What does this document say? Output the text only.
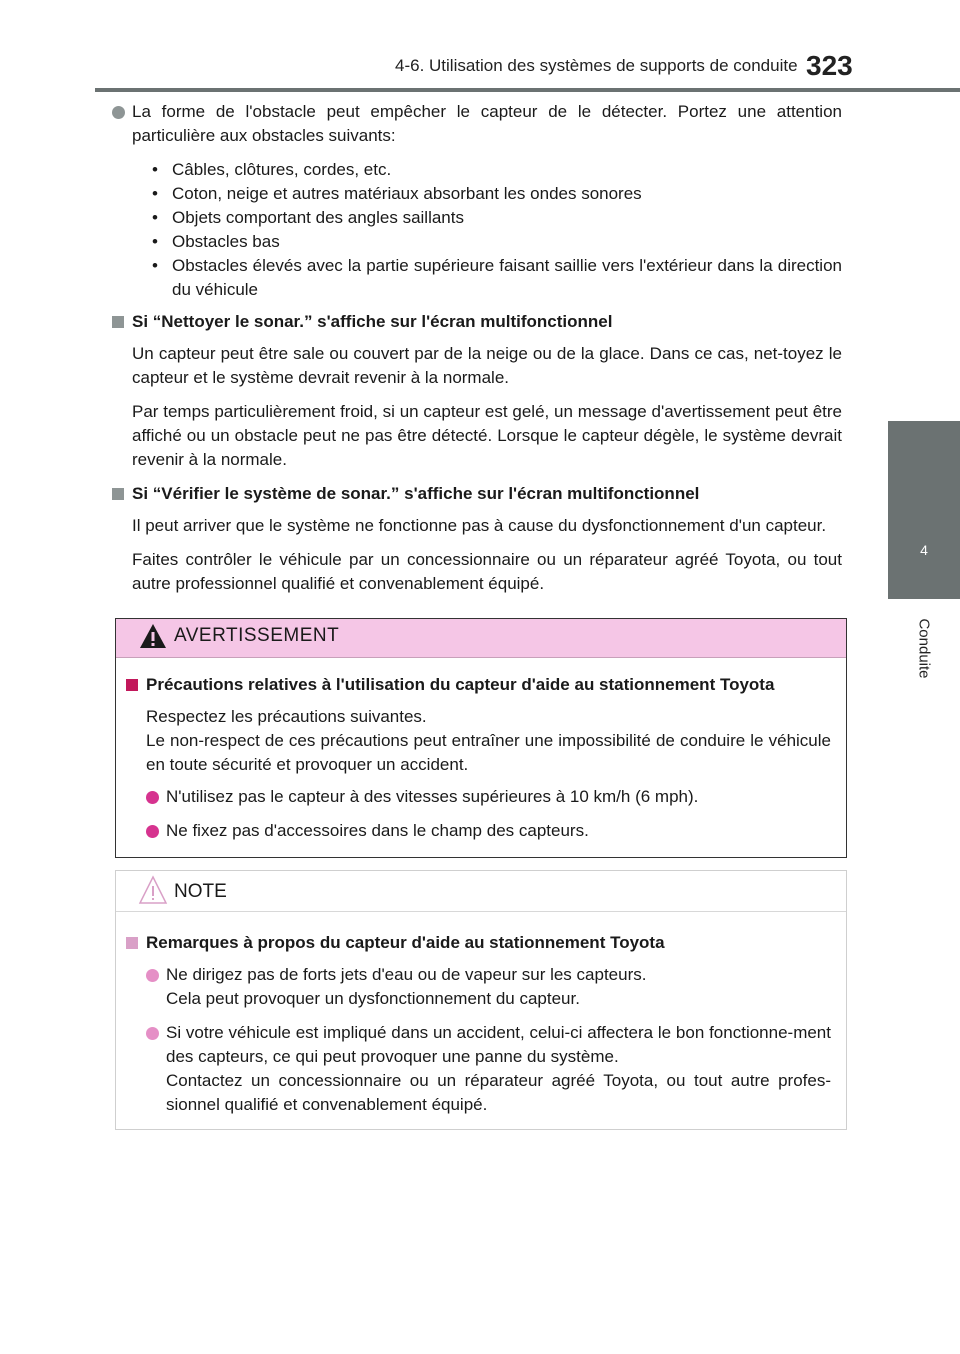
4-6. Utilisation des systèmes de supports de conduite 323
4
Conduite

La forme de l'obstacle peut empêcher le capteur de le détecter. Portez une attention particulière aux obstacles suivants:

• Câbles, clôtures, cordes, etc.
• Coton, neige et autres matériaux absorbant les ondes sonores
• Objets comportant des angles saillants
• Obstacles bas
• Obstacles élevés avec la partie supérieure faisant saillie vers l'extérieur dans la direction du véhicule
Si “Nettoyer le sonar.” s'affiche sur l'écran multifonctionnel

Un capteur peut être sale ou couvert par de la neige ou de la glace. Dans ce cas, net-toyez le capteur et le système devrait revenir à la normale.

Par temps particulièrement froid, si un capteur est gelé, un message d'avertissement peut être affiché ou un obstacle peut ne pas être détecté. Lorsque le capteur dégèle, le système devrait revenir à la normale.

Si “Vérifier le système de sonar.” s'affiche sur l'écran multifonctionnel

Il peut arriver que le système ne fonctionne pas à cause du dysfonctionnement d'un capteur.

Faites contrôler le véhicule par un concessionnaire ou un réparateur agréé Toyota, ou tout autre professionnel qualifié et convenablement équipé.

AVERTISSEMENT
Précautions relatives à l'utilisation du capteur d'aide au stationnement Toyota
Respectez les précautions suivantes.

Le non-respect de ces précautions peut entraîner une impossibilité de conduire le véhicule en toute sécurité et provoquer un accident.

N'utilisez pas le capteur à des vitesses supérieures à 10 km/h (6 mph).
Ne fixez pas d'accessoires dans le champ des capteurs.
NOTE
Remarques à propos du capteur d'aide au stationnement Toyota
Ne dirigez pas de forts jets d'eau ou de vapeur sur les capteurs.
Cela peut provoquer un dysfonctionnement du capteur.

Si votre véhicule est impliqué dans un accident, celui-ci affectera le bon fonctionne-ment des capteurs, ce qui peut provoquer une panne du système.

Contactez un concessionnaire ou un réparateur agréé Toyota, ou tout autre profes-sionnel qualifié et convenablement équipé.
